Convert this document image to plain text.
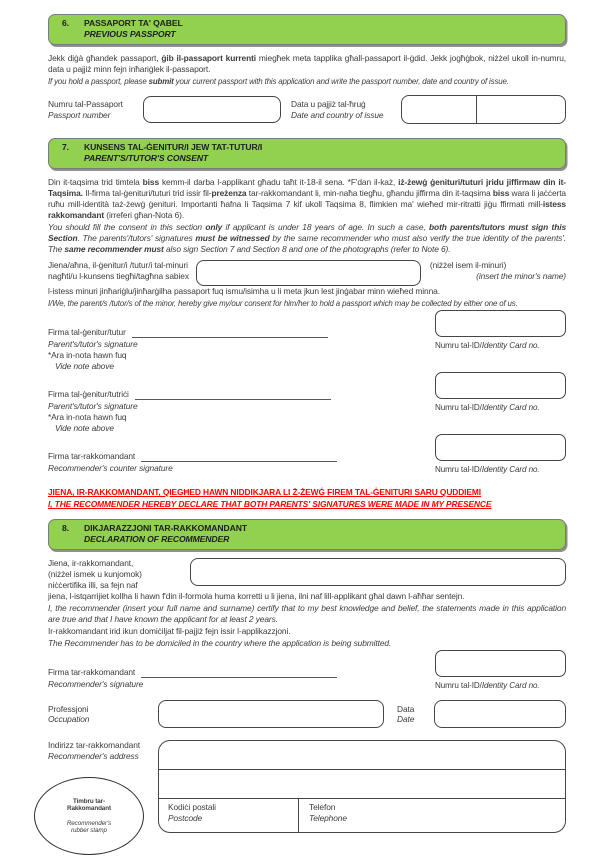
6.	PASSAPORT TA' QABEL
PREVIOUS PASSPORT

Jekk diġà għandek passaport, ġib il-passaport kurrenti miegħek meta tapplika għall-passaport il-ġdid. Jekk jogħġbok, niżżel ukoll in-numru, data u pajjiż minn fejn inħariġlek il-passaport.

If you hold a passport, please submit your current passport with this application and write the passport number, date and country of issue.

Numru tal-Passaport
Passport number
Data u pajjiż tal-ħruġ
Date and country of issue
7.	KUNSENS TAL-ĠENITUR/I JEW TAT-TUTUR/I
PARENT'S/TUTOR'S CONSENT

Din it-taqsima trid timtela biss kemm-il darba l-applikant għadu taħt it-18-il sena. *F'dan il-każ, iż-żewġ ġenituri/tuturi jridu jiffirmaw din it-Taqsima. Il-firma tal-ġenituri/tuturi trid issir fil-preżenza tar-rakkomandant li, min-naħa tiegħu, għandu jiffirma din it-taqsima biss wara li jaċċerta ruħu mill-identità taż-żewġ ġenituri. Importanti ħafna li Taqsima 7 kif ukoll Taqsima 8, flimkien ma' wieħed mir-ritratti jiġu ffirmati mill-istess rakkomandant (irreferi għan-Nota 6).

You should fill the consent in this section only if applicant is under 18 years of age. In such a case, both parents/tutors must sign this Section. The parents'/tutors' signatures must be witnessed by the same recommender who must also verify the true identity of the parents'. The same recommender must also sign Section 7 and Section 8 and one of the photographs (refer to Note 6).

Jiena/aħna, il-ġenitur/i /tutur/i tal-minuri
nagħti/u l-kunsens tiegħi/tagħna sabiex
(niżżel isem il-minuri)
(insert the minor's name)
l-istess minuri jinħariġlu/jinħarġilha passaport fuq ismu/isimha u li meta jkun lest jinġabar minn wieħed minna.
I/We, the parent/s /tutor/s of the minor, hereby give my/our consent for him/her to hold a passport which may be collected by either one of us.
Firma tal-ġenitur/tutur
Parent's/tutor's signature
*Ara in-nota hawn fuq
Vide note above
Numru tal-ID/Identity Card no.
Firma tal-ġenitur/tutriċi
Parent's/tutor's signature
*Ara in-nota hawn fuq
Vide note above
Numru tal-ID/Identity Card no.
Firma tar-rakkomandant
Recommender's counter signature	Numru tal-ID/Identity Card no.
JIENA, IR-RAKKOMANDANT, QIEGĦED HAWN NIDDIKJARA LI Ż-ŻEWĠ FIREM TAL-ĠENITURI SARU QUDDIEMI
I, THE RECOMMENDER HEREBY DECLARE THAT BOTH PARENTS' SIGNATURES WERE MADE IN MY PRESENCE
8.	DIKJARAZZJONI TAR-RAKKOMANDANT
DECLARATION OF RECOMMENDER
Jiena, ir-rakkomandant,
(niżżel ismek u kunjomok)
niċċertifika illi, sa fejn naf
jiena, l-istqarrijiet kollha li hawn f'din il-formola huma korretti u li jiena, ilni naf lill-applikant għal dawn l-aħħar sentejn.
I, the recommender (insert your full name and surname) certify that to my best knowledge and belief, the statements made in this application are true and that I have known the applicant for at least 2 years.
Ir-rakkomandant irid ikun domiċiljat fil-pajjiż fejn issir l-applikazzjoni.
The Recommender has to be domiciled in the country where the application is being submitted.
Firma tar-rakkomandant
Recommender's signature	Numru tal-ID/Identity Card no.
Professjoni
Occupation
Data
Date
Indirizz tar-rakkomandant
Recommender's address
Timbru tar-
Rakkomandant
Recommender's
rubber stamp
Kodiċi postali
Postcode
Telefon
Telephone
